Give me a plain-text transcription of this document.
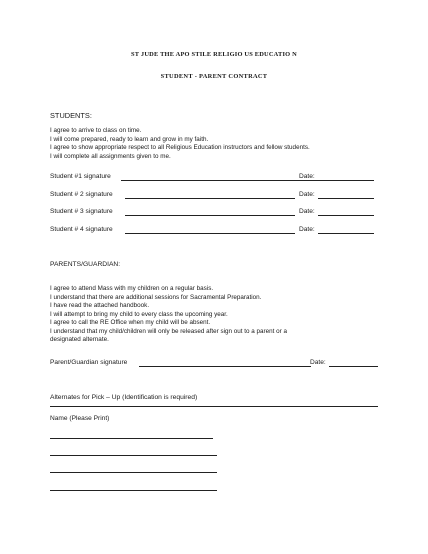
ST JUDE THE APO STILE RELIGIO US EDUCATIO N
STUDENT - PARENT CONTRACT
STUDENTS:
I agree to arrive to class on time.
I will come prepared, ready to learn and grow in my faith.
I agree to show appropriate respect to all Religious Education instructors and fellow students.
I will complete all assignments given to me.
Student #1 signature	Date:
Student # 2 signature	Date:
Student # 3 signature	Date:
Student # 4 signature	Date:
PARENTS/GUARDIAN:
I agree to attend Mass with my children on a regular basis.
I understand that there are additional sessions for Sacramental Preparation.
I have read the attached handbook.
I will attempt to bring my child to every class the upcoming year.
I agree to call the RE Office when my child will be absent.
I understand that my child/children will only be released after sign out to a parent or a
designated alternate.
Parent/Guardian signature	Date:
Alternates for Pick – Up (Identification is required)
Name (Please Print)
